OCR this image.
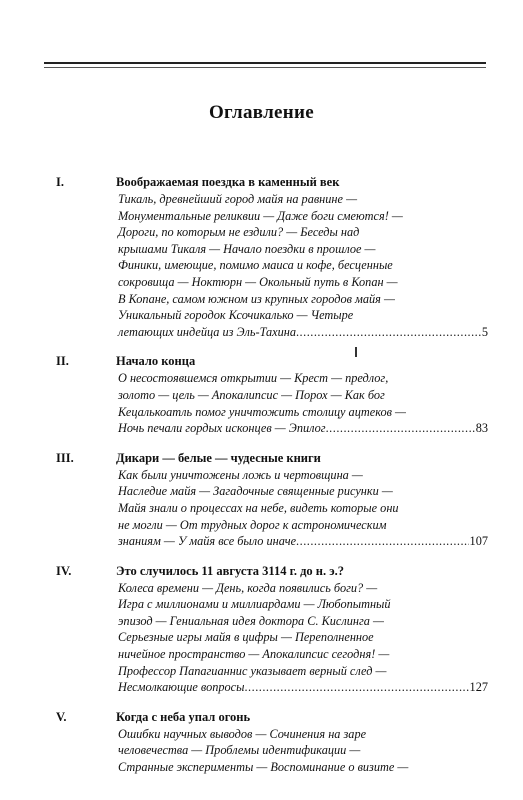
Оглавление
I.	Воображаемая поездка в каменный век
Тикаль, древнейший город майя на равнине —
Монументальные реликвии — Даже боги смеются! —
Дороги, по которым не ездили? — Беседы над
крышами Тикаля — Начало поездки в прошлое —
Финики, имеющие, помимо маиса и кофе, бесценные
сокровища — Ноктюрн — Окольный путь в Копан —
В Копане, самом южном из крупных городов майя —
Уникальный городок Ксочикалько — Четыре
летающих индейца из Эль-Тахина .....	5
II.	Начало конца
О несостоявшемся открытии — Крест — предлог,
золото — цель — Апокалипсис — Порох — Как бог
Кецалькоатль помог уничтожить столицу ацтеков —
Ночь печали гордых исконцев — Эпилог .....	83
III.	Дикари — белые — чудесные книги
Как были уничтожены ложь и чертовщина —
Наследие майя — Загадочные священные рисунки —
Майя знали о процессах на небе, видеть которые они
не могли — От трудных дорог к астрономическим
знаниям — У майя все было иначе .....	107
IV.	Это случилось 11 августа 3114 г. до н. э.?
Колеса времени — День, когда появились боги? —
Игра с миллионами и миллиардами — Любопытный
эпизод — Гениальная идея доктора С. Кислинга —
Серьезные игры майя в цифры — Переполненное
ничейное пространство — Апокалипсис сегодня! —
Профессор Папагианнис указывает верный след —
Несмолкающие вопросы .....	127
V.	Когда с неба упал огонь
Ошибки научных выводов — Сочинения на заре
человечества — Проблемы идентификации —
Странные эксперименты — Воспоминание о визите —
